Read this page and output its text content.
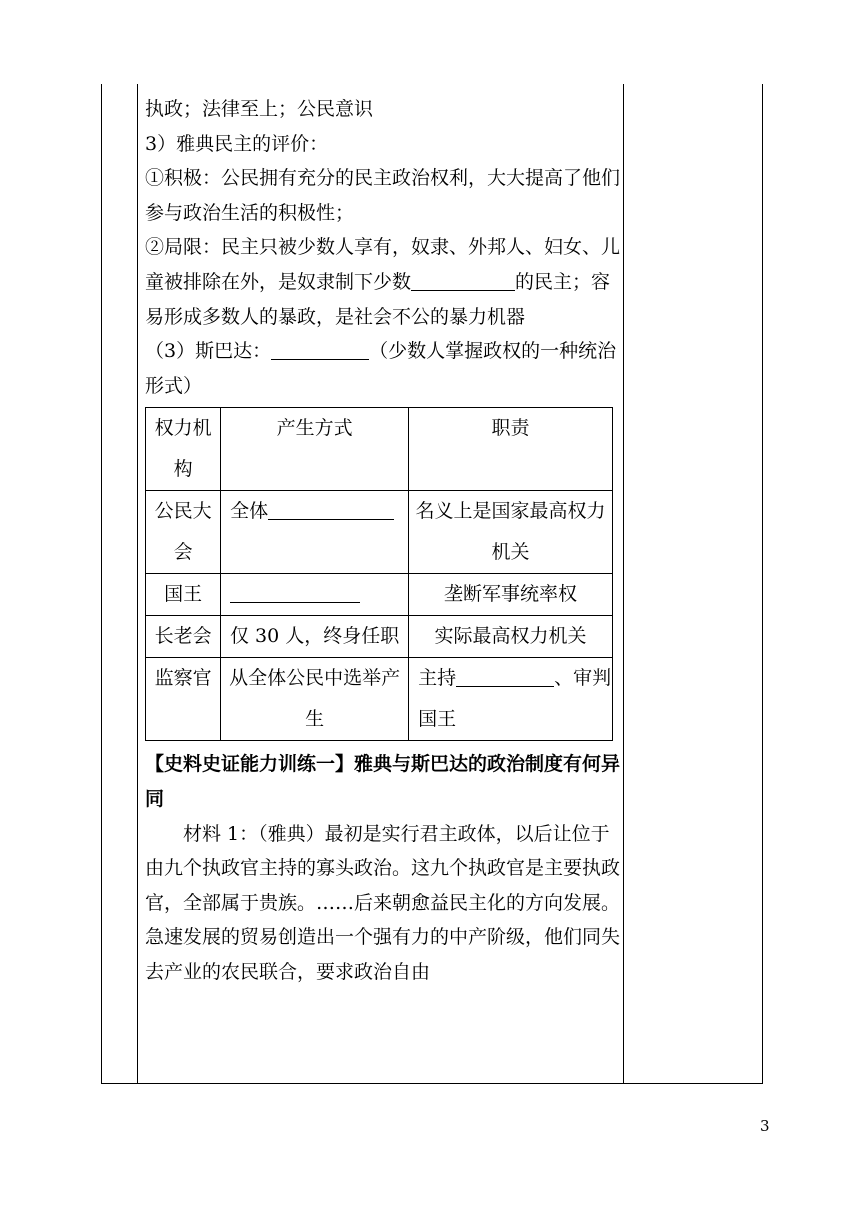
执政；法律至上；公民意识

3）雅典民主的评价：

①积极：公民拥有充分的民主政治权利，大大提高了他们参与政治生活的积极性；

②局限：民主只被少数人享有，奴隶、外邦人、妇女、儿童被排除在外，是奴隶制下少数	的民主；容易形成多数人的暴政，是社会不公的暴力机器

（3）斯巴达：	（少数人掌握政权的一种统治形式）

权力机构	产生方式	职责
公民大会	全体	名义上是国家最高权力机关
国王		垄断军事统率权
长老会	仅 30 人，终身任职	实际最高权力机关
监察官	从全体公民中选举产生	主持 、审判国王

【史料史证能力训练一】雅典与斯巴达的政治制度有何异同

材料 1：（雅典）最初是实行君主政体，以后让位于由九个执政官主持的寡头政治。这九个执政官是主要执政官，全部属于贵族。……后来朝愈益民主化的方向发展。急速发展的贸易创造出一个强有力的中产阶级，他们同失去产业的农民联合，要求政治自由

3
